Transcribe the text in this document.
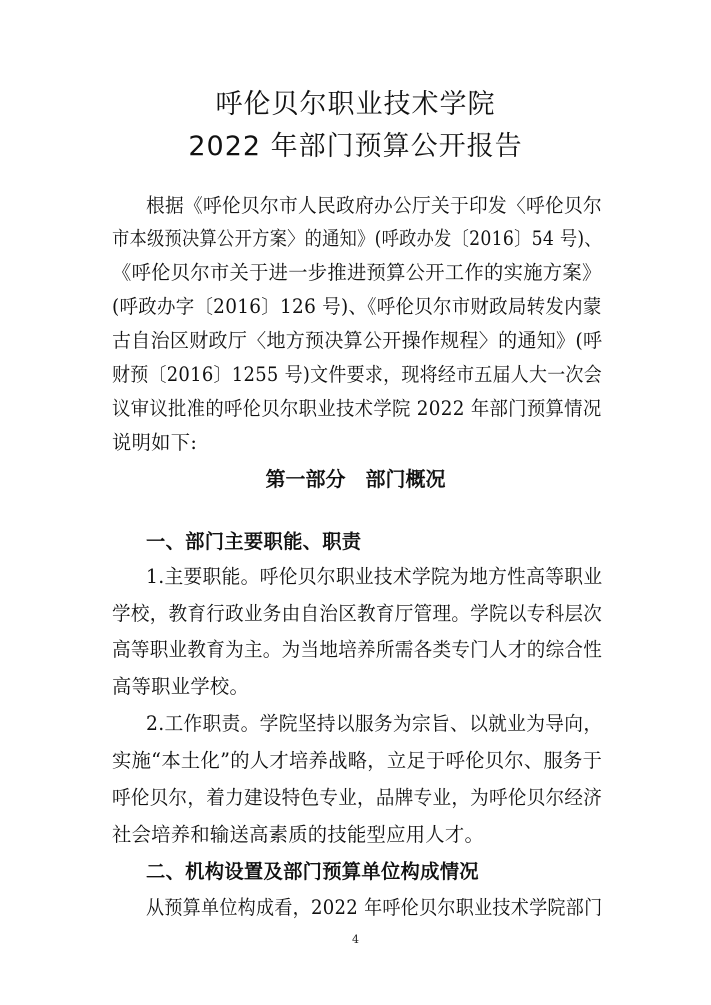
呼伦贝尔职业技术学院
2022 年部门预算公开报告
根据《呼伦贝尔市人民政府办公厅关于印发〈呼伦贝尔
市本级预决算公开方案〉的通知》(呼政办发〔2016〕54 号)、
《呼伦贝尔市关于进一步推进预算公开工作的实施方案》
(呼政办字〔2016〕126 号)、《呼伦贝尔市财政局转发内蒙
古自治区财政厅〈地方预决算公开操作规程〉的通知》(呼
财预〔2016〕1255 号)文件要求，现将经市五届人大一次会
议审议批准的呼伦贝尔职业技术学院 2022 年部门预算情况
说明如下:
第一部分　部门概况
一、部门主要职能、职责
1.主要职能。呼伦贝尔职业技术学院为地方性高等职业
学校，教育行政业务由自治区教育厅管理。学院以专科层次
高等职业教育为主。为当地培养所需各类专门人才的综合性
高等职业学校。
2.工作职责。学院坚持以服务为宗旨、以就业为导向，
实施“本土化”的人才培养战略，立足于呼伦贝尔、服务于
呼伦贝尔，着力建设特色专业，品牌专业，为呼伦贝尔经济
社会培养和输送高素质的技能型应用人才。
二、机构设置及部门预算单位构成情况
从预算单位构成看，2022 年呼伦贝尔职业技术学院部门
4
